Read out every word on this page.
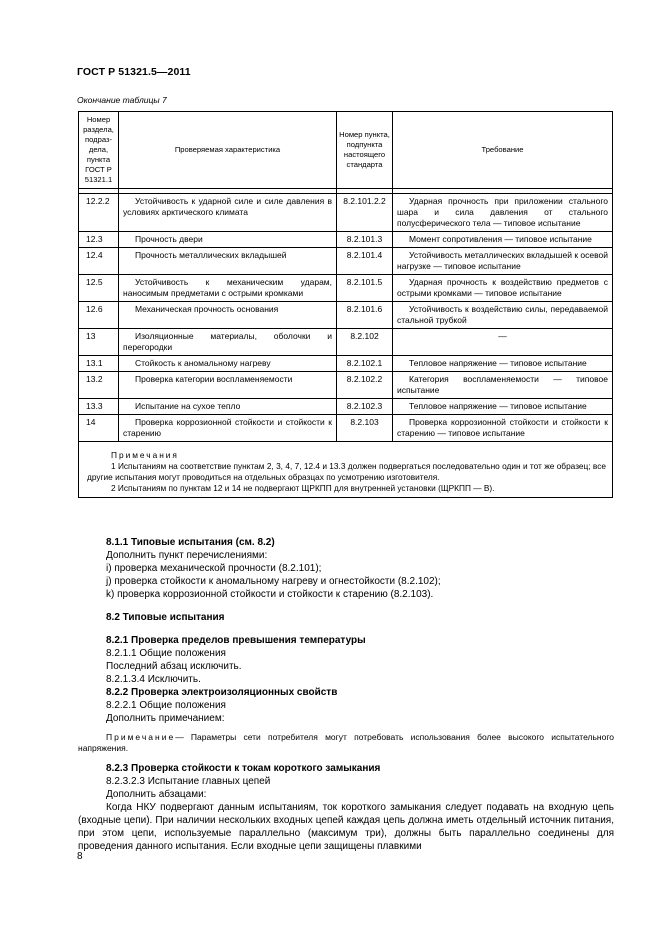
ГОСТ Р 51321.5—2011
Окончание таблицы 7
Номер раздела, подраз-дела, пункта ГОСТ Р 51321.1	Проверяемая характеристика	Номер пункта, подпункта настоящего стандарта	Требование

12.2.2	Устойчивость к ударной силе и силе давления в условиях арктического климата	8.2.101.2.2	Ударная прочность при приложении стального шара и сила давления от стального полусферического тела — типовое испытание
12.3	Прочность двери	8.2.101.3	Момент сопротивления — типовое испытание
12.4	Прочность металлических вкладышей	8.2.101.4	Устойчивость металлических вкладышей к осевой нагрузке — типовое испытание
12.5	Устойчивость к механическим ударам, наносимым предметами с острыми кромками	8.2.101.5	Ударная прочность к воздействию предметов с острыми кромками — типовое испытание
12.6	Механическая прочность основания	8.2.101.6	Устойчивость к воздействию силы, передаваемой стальной трубкой
13	Изоляционные материалы, оболочки и перегородки	8.2.102	—
13.1	Стойкость к аномальному нагреву	8.2.102.1	Тепловое напряжение — типовое испытание
13.2	Проверка категории воспламеняемости	8.2.102.2	Категория воспламеняемости — типовое испытание
13.3	Испытание на сухое тепло	8.2.102.3	Тепловое напряжение — типовое испытание
14	Проверка коррозионной стойкости и стойкости к старению	8.2.103	Проверка коррозионной стойкости и стойкости к старению — типовое испытание

Примечания
1 Испытаниям на соответствие пунктам 2, 3, 4, 7, 12.4 и 13.3 должен подвергаться последовательно один и тот же образец; все другие испытания могут проводиться на отдельных образцах по усмотрению изготовителя.
2 Испытаниям по пунктам 12 и 14 не подвергают ЩРКПП для внутренней установки (ЩРКПП — В).			

8.1.1 Типовые испытания (см. 8.2)

Дополнить пункт перечислениями:

i) проверка механической прочности (8.2.101);

j) проверка стойкости к аномальному нагреву и огнестойкости (8.2.102);

k) проверка коррозионной стойкости и стойкости к старению (8.2.103).

8.2 Типовые испытания

8.2.1 Проверка пределов превышения температуры

8.2.1.1 Общие положения

Последний абзац исключить.

8.2.1.3.4 Исключить.

8.2.2 Проверка электроизоляционных свойств

8.2.2.1 Общие положения

Дополнить примечанием:

Примечание— Параметры сети потребителя могут потребовать использования более высокого испытательного напряжения.

8.2.3 Проверка стойкости к токам короткого замыкания

8.2.3.2.3 Испытание главных цепей

Дополнить абзацами:

Когда НКУ подвергают данным испытаниям, ток короткого замыкания следует подавать на входную цепь (входные цепи). При наличии нескольких входных цепей каждая цепь должна иметь отдельный источник питания, при этом цепи, используемые параллельно (максимум три), должны быть параллельно соединены для проведения данного испытания. Если входные цепи защищены плавкими

8
